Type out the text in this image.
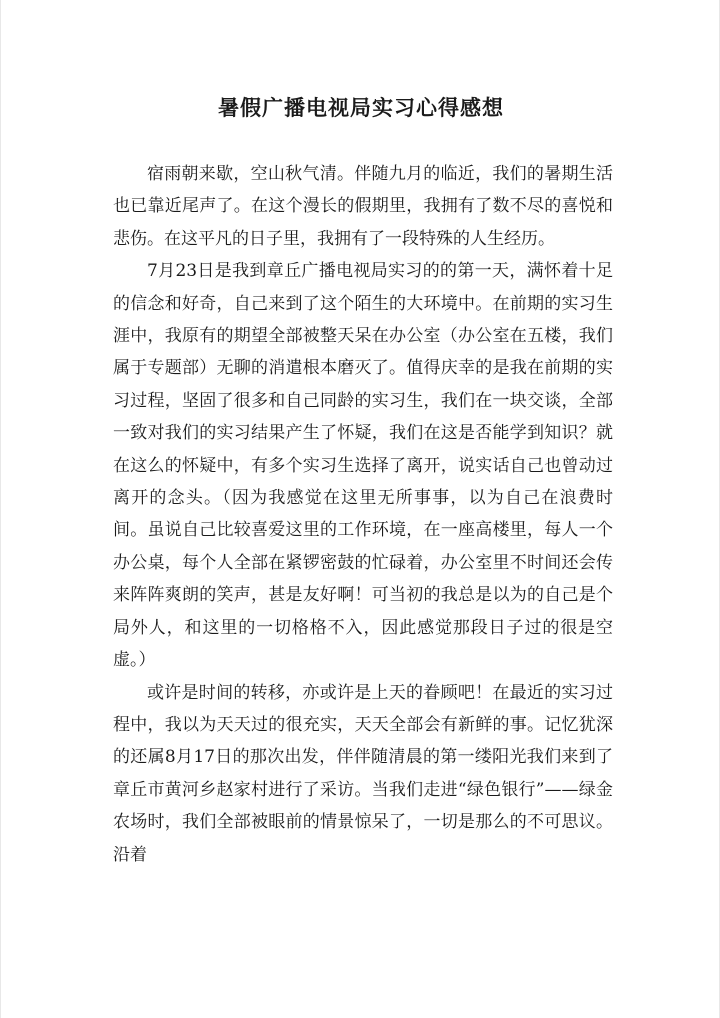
暑假广播电视局实习心得感想

宿雨朝来歇，空山秋气清。伴随九月的临近，我们的暑期生活也已靠近尾声了。在这个漫长的假期里，我拥有了数不尽的喜悦和悲伤。在这平凡的日子里，我拥有了一段特殊的人生经历。

7月23日是我到章丘广播电视局实习的的第一天，满怀着十足的信念和好奇，自己来到了这个陌生的大环境中。在前期的实习生涯中，我原有的期望全部被整天呆在办公室（办公室在五楼，我们属于专题部）无聊的消遣根本磨灭了。值得庆幸的是我在前期的实习过程，坚固了很多和自己同龄的实习生，我们在一块交谈，全部一致对我们的实习结果产生了怀疑，我们在这是否能学到知识？就在这么的怀疑中，有多个实习生选择了离开，说实话自己也曾动过离开的念头。（因为我感觉在这里无所事事，以为自己在浪费时间。虽说自己比较喜爱这里的工作环境，在一座高楼里，每人一个办公桌，每个人全部在紧锣密鼓的忙碌着，办公室里不时间还会传来阵阵爽朗的笑声，甚是友好啊！可当初的我总是以为的自己是个局外人，和这里的一切格格不入，因此感觉那段日子过的很是空虚。）

或许是时间的转移，亦或许是上天的眷顾吧！在最近的实习过程中，我以为天天过的很充实，天天全部会有新鲜的事。记忆犹深的还属8月17日的那次出发，伴伴随清晨的第一缕阳光我们来到了章丘市黄河乡赵家村进行了采访。当我们走进“绿色银行”——绿金农场时，我们全部被眼前的情景惊呆了，一切是那么的不可思议。沿着
